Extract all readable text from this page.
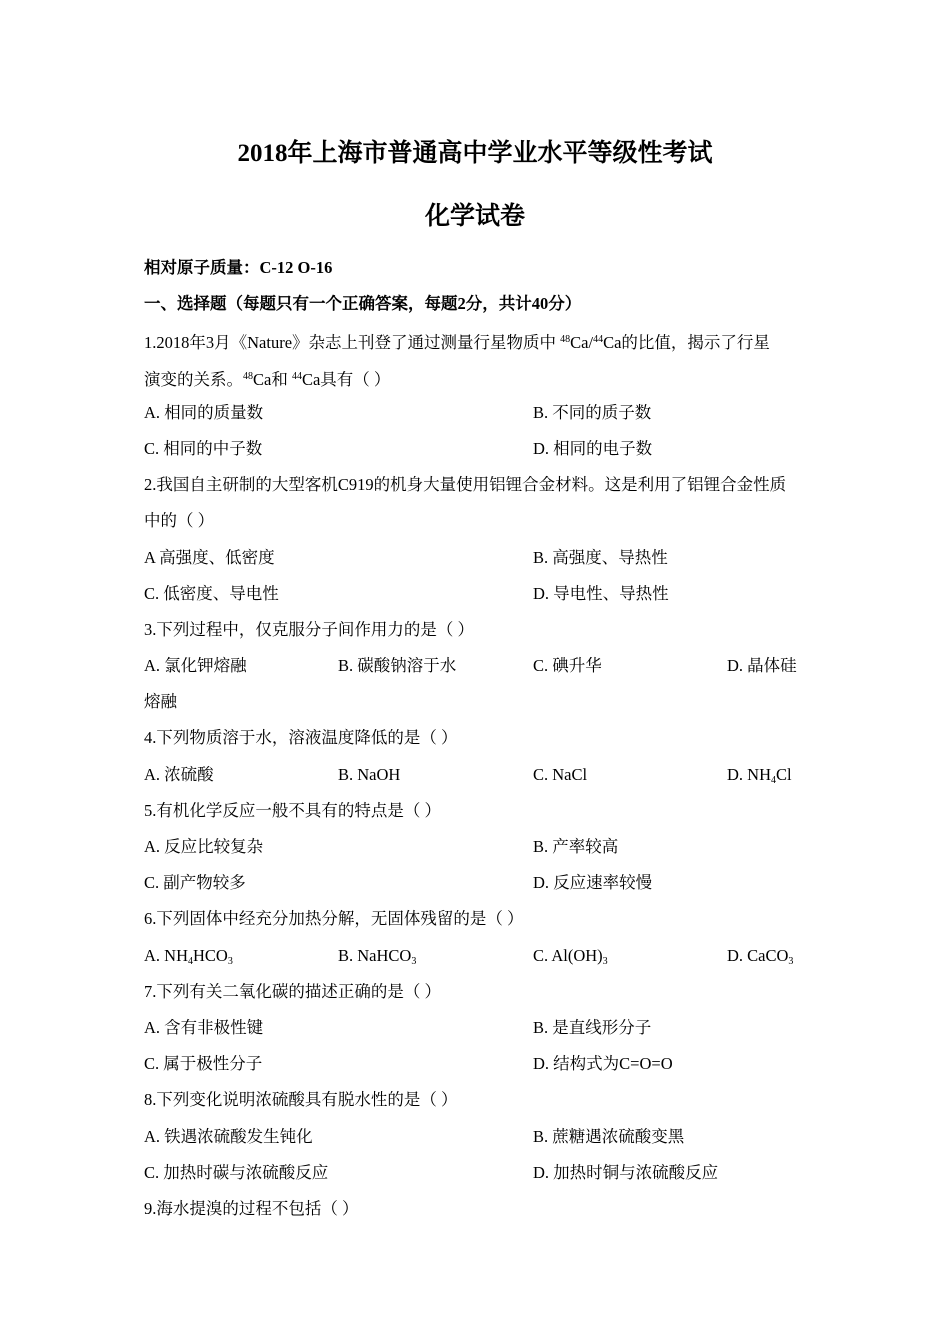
2018年上海市普通高中学业水平等级性考试
化学试卷
相对原子质量：C-12 O-16
一、选择题（每题只有一个正确答案，每题2分，共计40分）
1.2018年3月《Nature》杂志上刊登了通过测量行星物质中 $^{48}$Ca/$^{44}$Ca的比值，揭示了行星
演变的关系。$^{48}$Ca和 $^{44}$Ca具有（ ）
A. 相同的质量数	B. 不同的质子数
C. 相同的中子数	D. 相同的电子数
2.我国自主研制的大型客机C919的机身大量使用铝锂合金材料。这是利用了铝锂合金性质
中的（ ）
A 高强度、低密度	B. 高强度、导热性
C. 低密度、导电性	D. 导电性、导热性
3.下列过程中，仅克服分子间作用力的是（ ）
A. 氯化钾熔融	B. 碳酸钠溶于水	C. 碘升华	D. 晶体硅
熔融
4.下列物质溶于水，溶液温度降低的是（ ）
A. 浓硫酸	B. NaOH	C. NaCl	D. $NH_4Cl$
5.有机化学反应一般不具有的特点是（ ）
A. 反应比较复杂	B. 产率较高
C. 副产物较多	D. 反应速率较慢
6.下列固体中经充分加热分解，无固体残留的是（ ）
A. $NH_4HCO_3$	B. NaHCO$_3$	C. $Al(OH)_3$	D. CaCO$_3$
7.下列有关二氧化碳的描述正确的是（ ）
A. 含有非极性键	B. 是直线形分子
C. 属于极性分子	D. 结构式为C=O=O
8.下列变化说明浓硫酸具有脱水性的是（ ）
A. 铁遇浓硫酸发生钝化	B. 蔗糖遇浓硫酸变黑
C. 加热时碳与浓硫酸反应	D. 加热时铜与浓硫酸反应
9.海水提溴的过程不包括（ ）
